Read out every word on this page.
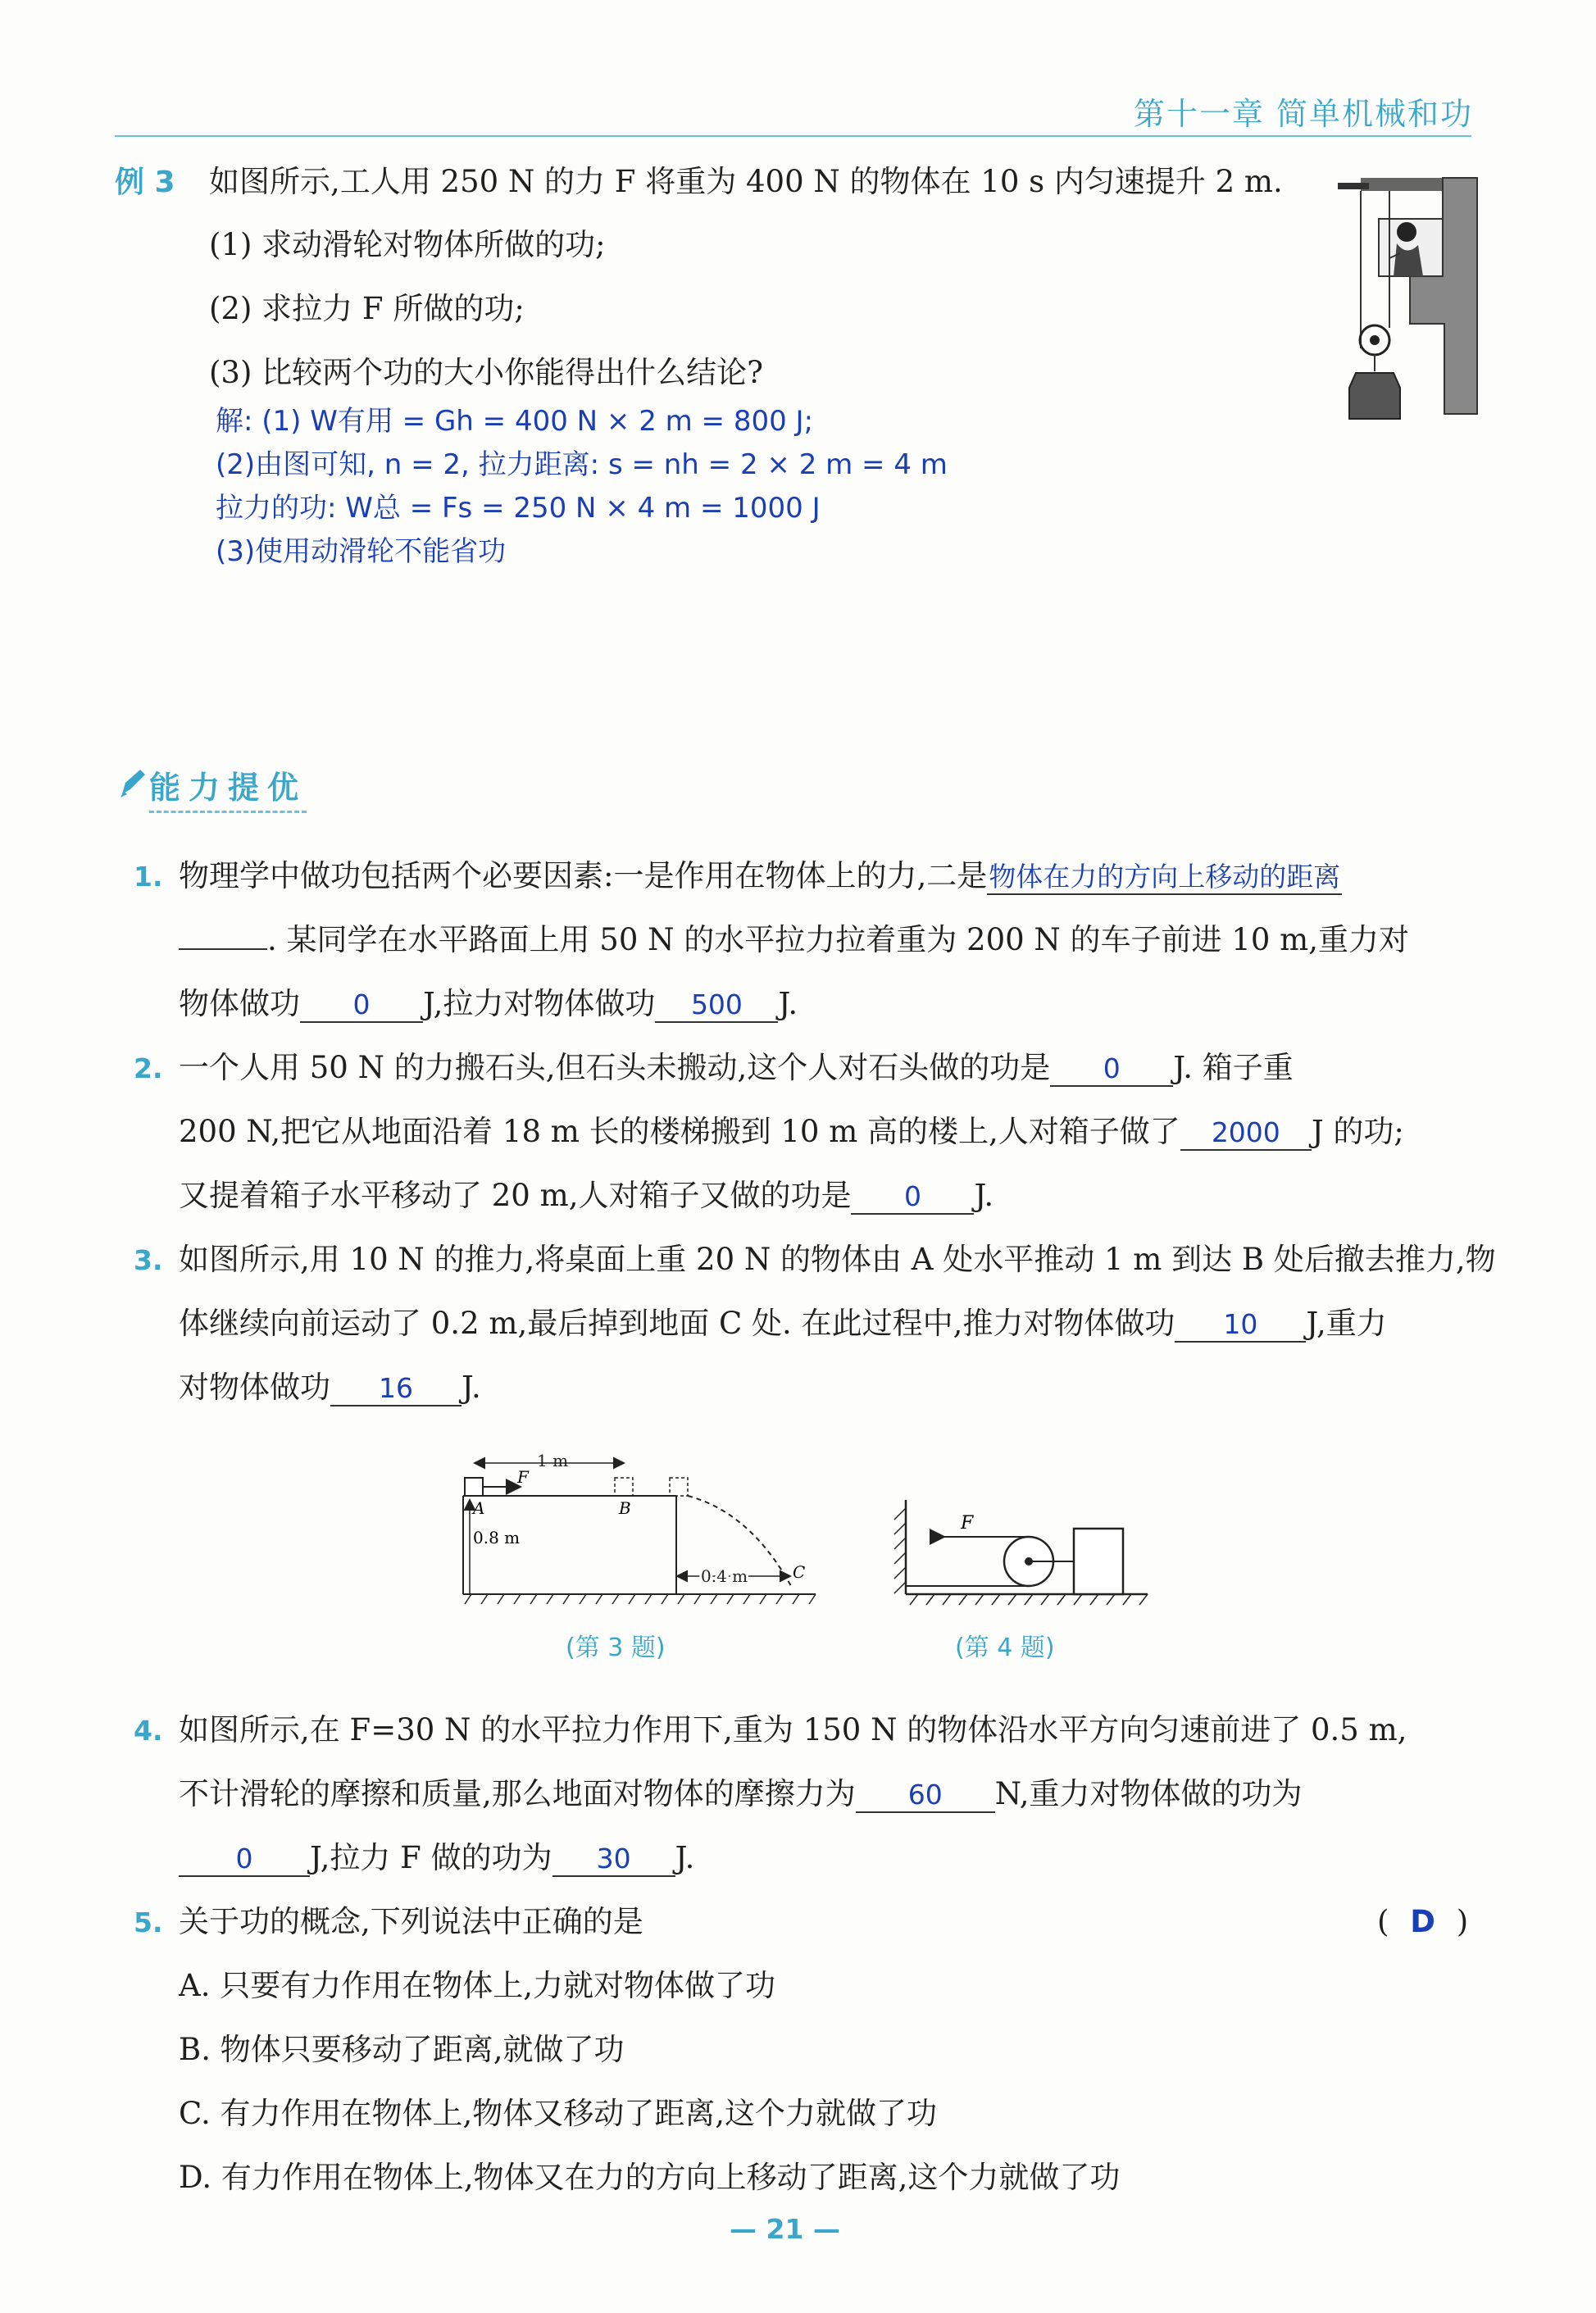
第十一章 简单机械和功
例 3 如图所示,工人用 250 N 的力 F 将重为 400 N 的物体在 10 s 内匀速提升 2 m.
(1) 求动滑轮对物体所做的功;
(2) 求拉力 F 所做的功;
(3) 比较两个功的大小你能得出什么结论?
解: (1) W有用 = Gh = 400 N × 2 m = 800 J;
(2)由图可知, n = 2, 拉力距离: s = nh = 2 × 2 m = 4 m
拉力的功: W总 = Fs = 250 N × 4 m = 1000 J
(3)使用动滑轮不能省功
能力提优
1. 物理学中做功包括两个必要因素:一是作用在物体上的力,二是物体在力的方向上移动的距离
. 某同学在水平路面上用 50 N 的水平拉力拉着重为 200 N 的车子前进 10 m,重力对
物体做功 0 J,拉力对物体做功 500 J.
2. 一个人用 50 N 的力搬石头,但石头未搬动,这个人对石头做的功是 0 J. 箱子重
200 N,把它从地面沿着 18 m 长的楼梯搬到 10 m 高的楼上,人对箱子做了 2000 J 的功;
又提着箱子水平移动了 20 m,人对箱子又做的功是 0 J.
3. 如图所示,用 10 N 的推力,将桌面上重 20 N 的物体由 A 处水平推动 1 m 到达 B 处后撤去推力,物
体继续向前运动了 0.2 m,最后掉到地面 C 处. 在此过程中,推力对物体做功 10 J,重力
对物体做功 16 J.
F
1 m
A	B
0.8 m
C
0.4 m
(第 3 题)
F
(第 4 题)
4. 如图所示,在 F=30 N 的水平拉力作用下,重为 150 N 的物体沿水平方向匀速前进了 0.5 m,
不计滑轮的摩擦和质量,那么地面对物体的摩擦力为 60 N,重力对物体做的功为
0 J,拉力 F 做的功为 30 J.
5. 关于功的概念,下列说法中正确的是	( D )
A. 只要有力作用在物体上,力就对物体做了功
B. 物体只要移动了距离,就做了功
C. 有力作用在物体上,物体又移动了距离,这个力就做了功
D. 有力作用在物体上,物体又在力的方向上移动了距离,这个力就做了功
— 21 —
